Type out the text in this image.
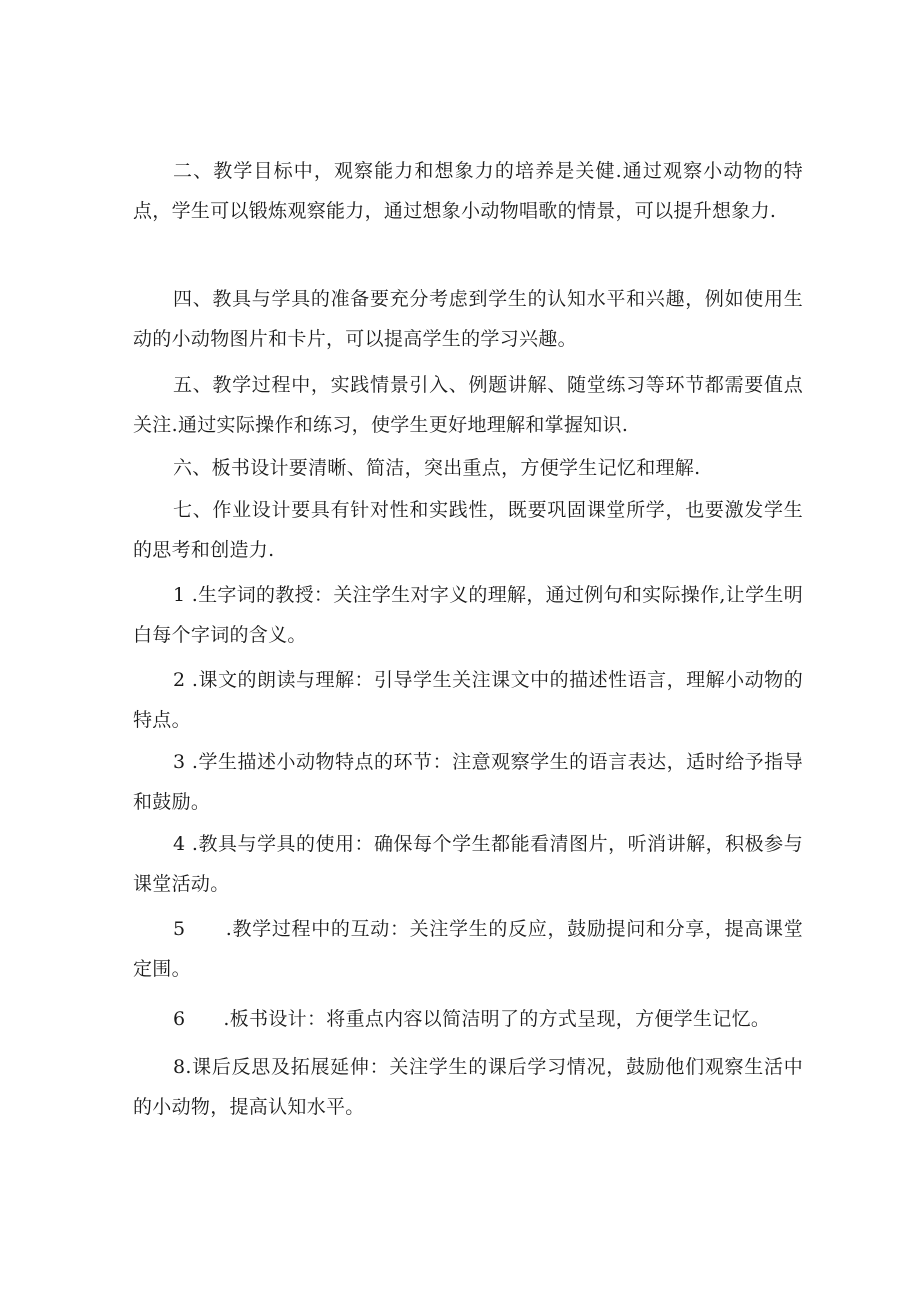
二、教学目标中，观察能力和想象力的培养是关健.通过观察小动物的特点，学生可以锻炼观察能力，通过想象小动物唱歌的情景，可以提升想象力.

四、教具与学具的准备要充分考虑到学生的认知水平和兴趣，例如使用生动的小动物图片和卡片，可以提高学生的学习兴趣。

五、教学过程中，实践情景引入、例题讲解、随堂练习等环节都需要值点关注.通过实际操作和练习，使学生更好地理解和掌握知识.

六、板书设计要清晰、简洁，突出重点，方便学生记忆和理解.

七、作业设计要具有针对性和实践性，既要巩固课堂所学，也要激发学生的思考和创造力.

1 .生字词的教授：关注学生对字义的理解，通过例句和实际操作,让学生明白每个字词的含义。

2 .课文的朗读与理解：引导学生关注课文中的描述性语言，理解小动物的特点。

3 .学生描述小动物特点的环节：注意观察学生的语言表达，适时给予指导和鼓励。

4 .教具与学具的使用：确保每个学生都能看清图片，听消讲解，积极参与课堂活动。

5      .教学过程中的互动：关注学生的反应，鼓励提问和分享，提高课堂定围。

6      .板书设计：将重点内容以简洁明了的方式呈现，方便学生记忆。

8.课后反思及拓展延伸：关注学生的课后学习情况，鼓励他们观察生活中的小动物，提高认知水平。
